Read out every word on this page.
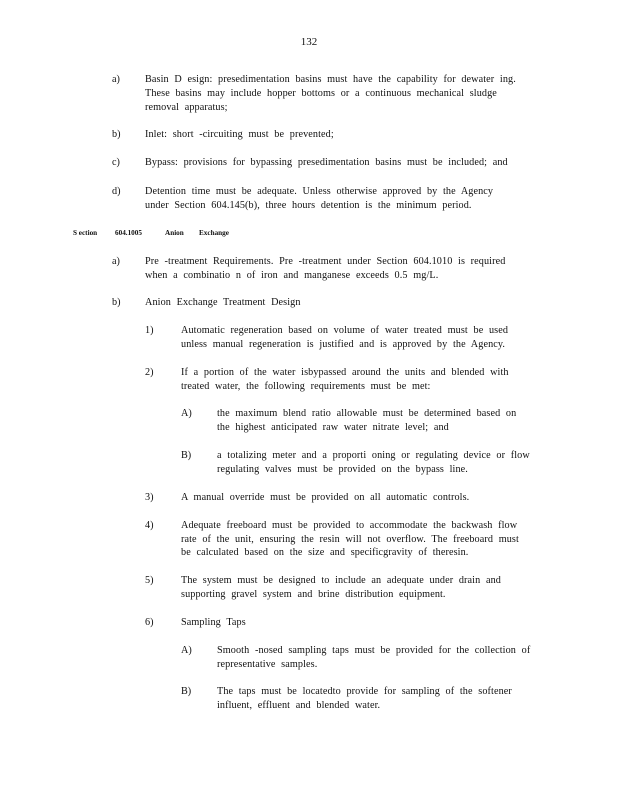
132
a) Basin D esign: presedimentation basins must have the capability for dewater ing.
These basins may include hopper bottoms or a continuous mechanical sludge
removal apparatus;
b) Inlet: short -circuiting must be prevented;
c) Bypass: provisions for bypassing presedimentation basins must be included; and
d) Detention time must be adequate. Unless otherwise approved by the Agency
under Section 604.145(b), three hours detention is the minimum period.
S ection 604.1005	Anion Exchange
a) Pre -treatment Requirements. Pre -treatment under Section 604.1010 is required
when a combinatio n of iron and manganese exceeds 0.5 mg/L.
b) Anion Exchange Treatment Design
1)	Automatic regeneration based on volume of water treated must be used
unless manual regeneration is justified and is approved by the Agency.
2)	If a portion of the water isbypassed around the units and blended with
treated water, the following requirements must be met:
A) the maximum blend ratio allowable must be determined based on
the highest anticipated raw water nitrate level; and
B)	a totalizing meter and a proporti oning or regulating device or flow
regulating valves must be provided on the bypass line.
3)	A manual override must be provided on all automatic controls.
4)	Adequate freeboard must be provided to accommodate the backwash flow
rate of the unit, ensuring the resin will not overflow. The freeboard must
be calculated based on the size and specificgravity of theresin.
5)	The system must be designed to include an adequate under drain and
supporting gravel system and brine distribution equipment.
6)	Sampling Taps
A) Smooth -nosed sampling taps must be provided for the collection of
representative samples.
B)	The taps must be locatedto provide for sampling of the softener
influent, effluent and blended water.
